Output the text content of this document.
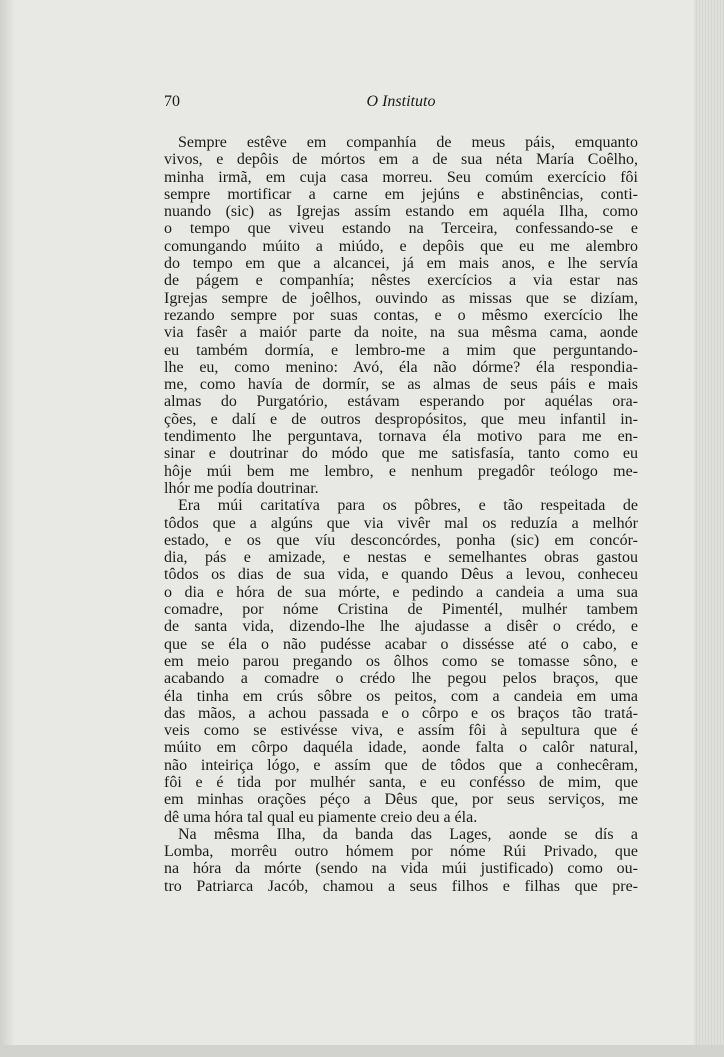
70	O Instituto
Sempre estêve em companhía de meus páis, emquanto
vivos, e depôis de mórtos em a de sua néta María Coêlho,
minha irmã, em cuja casa morreu. Seu comúm exercício fôi
sempre mortificar a carne em jejúns e abstinências, conti-
nuando (sic) as Igrejas assím estando em aquéla Ilha, como
o tempo que viveu estando na Terceira, confessando-se e
comungando múito a miúdo, e depôis que eu me alembro
do tempo em que a alcancei, já em mais anos, e lhe servía
de págem e companhía; nêstes exercícios a via estar nas
Igrejas sempre de joêlhos, ouvindo as missas que se dizíam,
rezando sempre por suas contas, e o mêsmo exercício lhe
via fasêr a maiór parte da noite, na sua mêsma cama, aonde
eu também dormía, e lembro-me a mim que perguntando-
lhe eu, como menino: Avó, éla não dórme? éla respondia-
me, como havía de dormír, se as almas de seus páis e mais
almas do Purgatório, estávam esperando por aquélas ora-
ções, e dalí e de outros despropósitos, que meu infantil in-
tendimento lhe perguntava, tornava éla motivo para me en-
sinar e doutrinar do módo que me satisfasía, tanto como eu
hôje múi bem me lembro, e nenhum pregadôr teólogo me-
lhór me podía doutrinar.
Era múi caritatíva para os pôbres, e tão respeitada de
tôdos que a algúns que via vivêr mal os reduzía a melhór
estado, e os que víu desconcórdes, ponha (sic) em concór-
dia, pás e amizade, e nestas e semelhantes obras gastou
tôdos os dias de sua vida, e quando Dêus a levou, conheceu
o dia e hóra de sua mórte, e pedindo a candeia a uma sua
comadre, por nóme Cristina de Pimentél, mulhér tambem
de santa vida, dizendo-lhe lhe ajudasse a disêr o crédo, e
que se éla o não pudésse acabar o dissésse até o cabo, e
em meio parou pregando os ôlhos como se tomasse sôno, e
acabando a comadre o crédo lhe pegou pelos braços, que
éla tinha em crús sôbre os peitos, com a candeia em uma
das mãos, a achou passada e o côrpo e os braços tão tratá-
veis como se estivésse viva, e assím fôi à sepultura que é
múito em côrpo daquéla idade, aonde falta o calôr natural,
não inteiriça lógo, e assím que de tôdos que a conhecêram,
fôi e é tida por mulhér santa, e eu confésso de mim, que
em minhas orações péço a Dêus que, por seus serviços, me
dê uma hóra tal qual eu piamente creio deu a éla.
Na mêsma Ilha, da banda das Lages, aonde se dís a
Lomba, morrêu outro hómem por nóme Rúi Privado, que
na hóra da mórte (sendo na vida múi justificado) como ou-
tro Patriarca Jacób, chamou a seus filhos e filhas que pre-
